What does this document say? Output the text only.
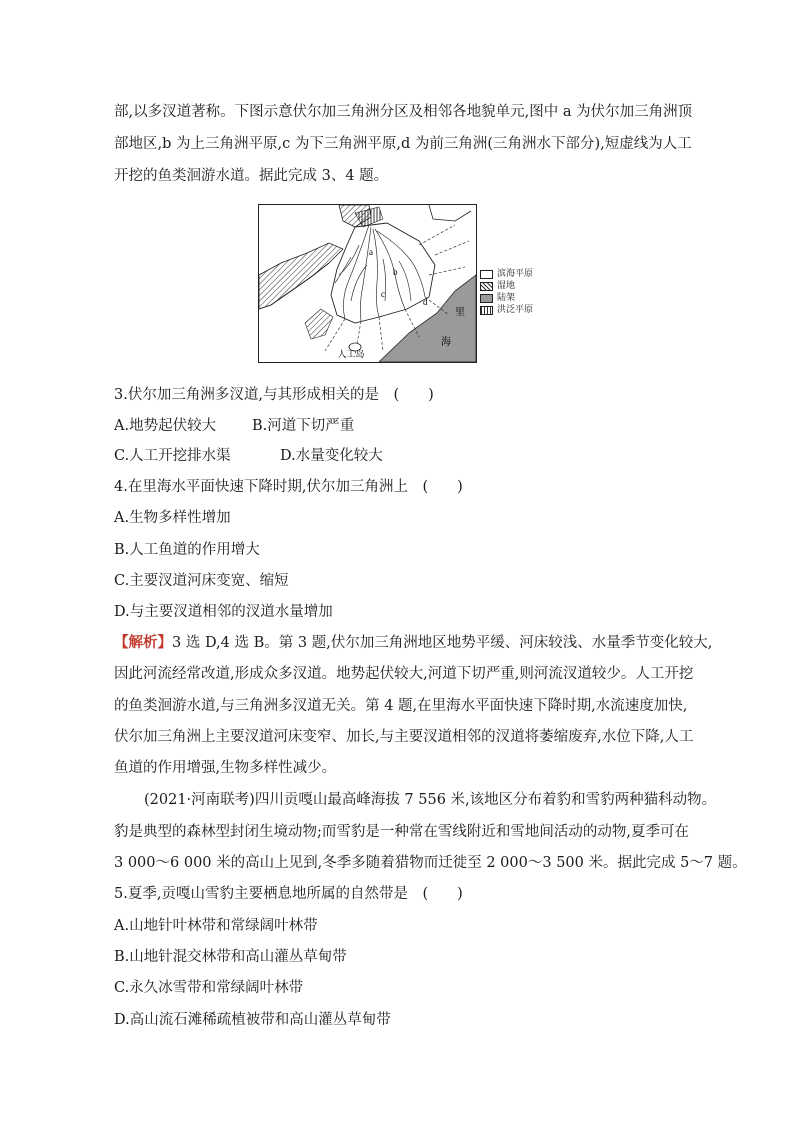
部,以多汊道著称。下图示意伏尔加三角洲分区及相邻各地貌单元,图中 a 为伏尔加三角洲顶
部地区,b 为上三角洲平原,c 为下三角洲平原,d 为前三角洲(三角洲水下部分),短虚线为人工
开挖的鱼类洄游水道。据此完成 3、4 题。
a
b
c
d
里
海
人工岛
滨海平原
湿地
陆架
洪泛平原
3.伏尔加三角洲多汊道,与其形成相关的是　(　　)
A.地势起伏较大 B.河道下切严重
C.人工开挖排水渠	D.水量变化较大
4.在里海水平面快速下降时期,伏尔加三角洲上　(　　)
A.生物多样性增加
B.人工鱼道的作用增大
C.主要汊道河床变宽、缩短
D.与主要汊道相邻的汊道水量增加
【解析】3 选 D,4 选 B。第 3 题,伏尔加三角洲地区地势平缓、河床较浅、水量季节变化较大,
因此河流经常改道,形成众多汊道。地势起伏较大,河道下切严重,则河流汊道较少。人工开挖
的鱼类洄游水道,与三角洲多汊道无关。第 4 题,在里海水平面快速下降时期,水流速度加快,
伏尔加三角洲上主要汊道河床变窄、加长,与主要汊道相邻的汊道将萎缩废弃,水位下降,人工
鱼道的作用增强,生物多样性减少。
(2021·河南联考)四川贡嘎山最高峰海拔 7 556 米,该地区分布着豹和雪豹两种猫科动物。
豹是典型的森林型封闭生境动物;而雪豹是一种常在雪线附近和雪地间活动的动物,夏季可在
3 000～6 000 米的高山上见到,冬季多随着猎物而迁徙至 2 000～3 500 米。据此完成 5～7 题。
5.夏季,贡嘎山雪豹主要栖息地所属的自然带是　(　　)
A.山地针叶林带和常绿阔叶林带
B.山地针混交林带和高山灌丛草甸带
C.永久冰雪带和常绿阔叶林带
D.高山流石滩稀疏植被带和高山灌丛草甸带
